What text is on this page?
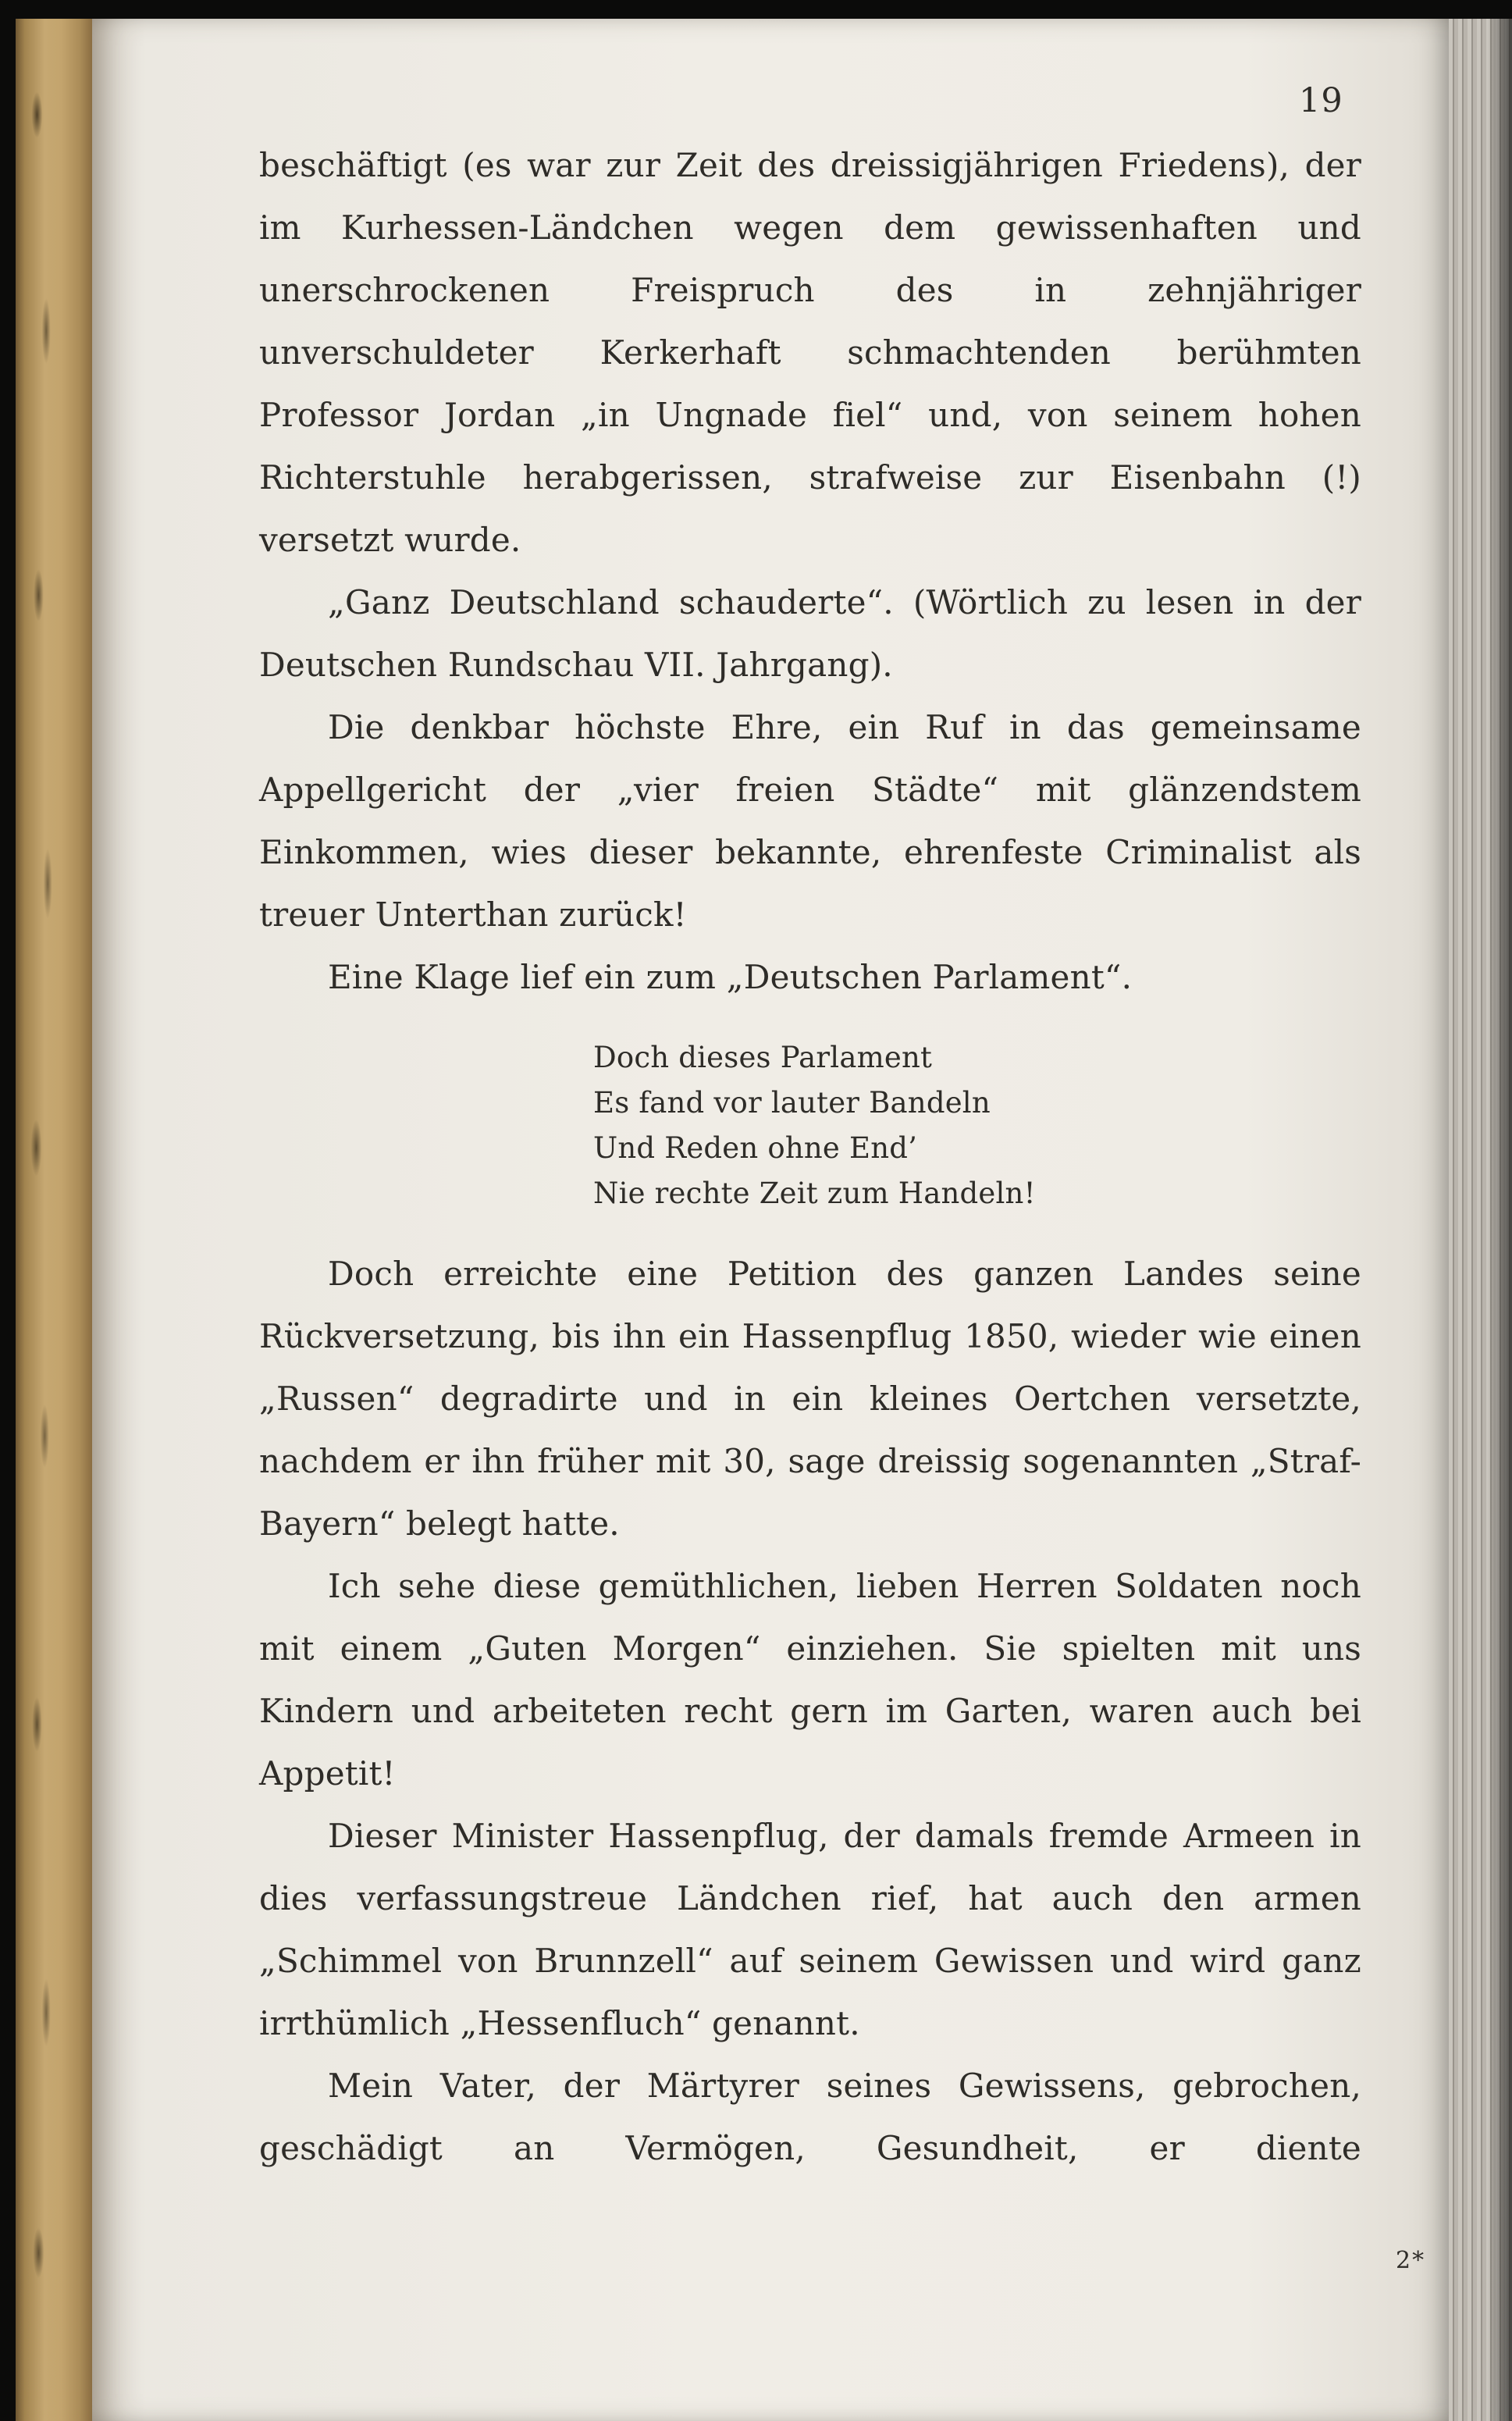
19

beschäftigt (es war zur Zeit des dreissigjährigen Friedens), der im Kurhessen-Ländchen wegen dem gewissenhaften und unerschrockenen Freispruch des in zehnjähriger unverschuldeter Kerkerhaft schmachtenden berühmten Professor Jordan „in Ungnade fiel“ und, von seinem hohen Richterstuhle herabgerissen, strafweise zur Eisenbahn (!) versetzt wurde.

„Ganz Deutschland schauderte“. (Wörtlich zu lesen in der Deutschen Rundschau VII. Jahrgang).

Die denkbar höchste Ehre, ein Ruf in das gemeinsame Appellgericht der „vier freien Städte“ mit glänzendstem Einkommen, wies dieser bekannte, ehrenfeste Criminalist als treuer Unterthan zurück!

Eine Klage lief ein zum „Deutschen Parlament“.

Doch dieses Parlament
Es fand vor lauter Bandeln
Und Reden ohne End’
Nie rechte Zeit zum Handeln!

Doch erreichte eine Petition des ganzen Landes seine Rückversetzung, bis ihn ein Hassenpflug 1850, wieder wie einen „Russen“ degradirte und in ein kleines Oertchen versetzte, nachdem er ihn früher mit 30, sage dreissig sogenannten „Straf-Bayern“ belegt hatte.

Ich sehe diese gemüthlichen, lieben Herren Soldaten noch mit einem „Guten Morgen“ einziehen. Sie spielten mit uns Kindern und arbeiteten recht gern im Garten, waren auch bei Appetit!

Dieser Minister Hassenpflug, der damals fremde Armeen in dies verfassungstreue Ländchen rief, hat auch den armen „Schimmel von Brunnzell“ auf seinem Gewissen und wird ganz irrthümlich „Hessenfluch“ genannt.

Mein Vater, der Märtyrer seines Gewissens, gebrochen, geschädigt an Vermögen, Gesundheit, er diente

2*
